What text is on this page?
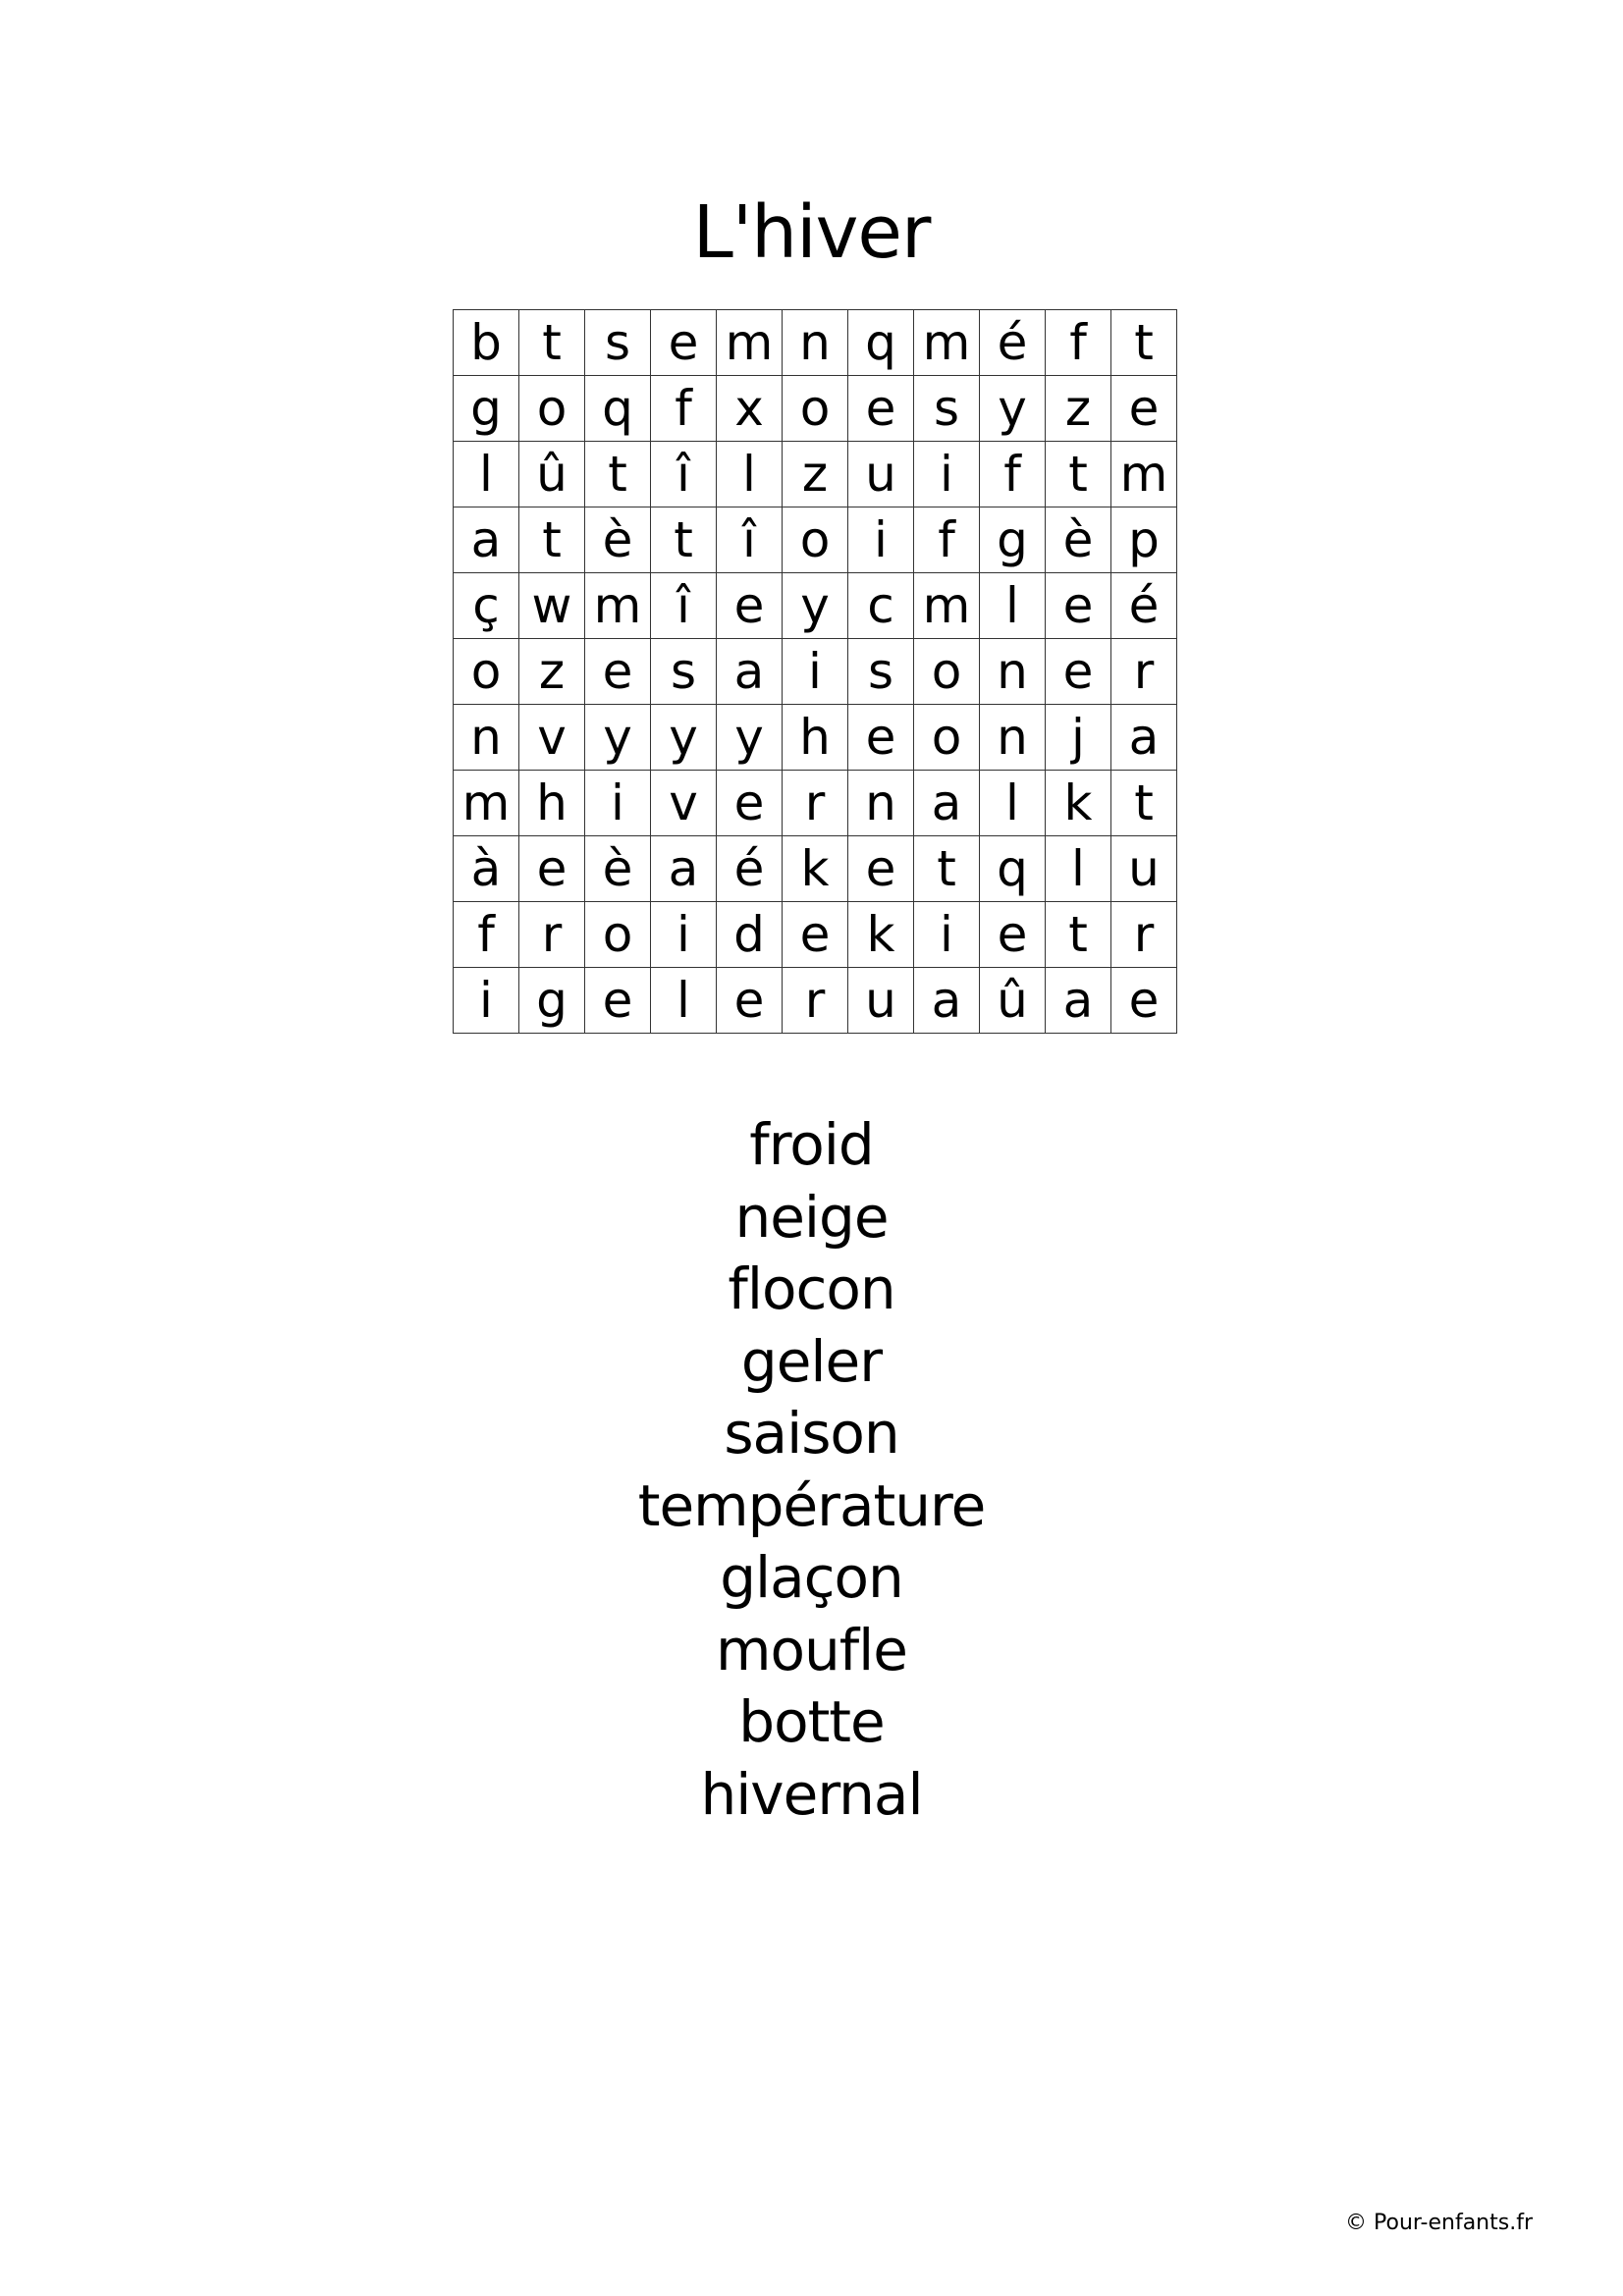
L'hiver
b	t	s	e	m	n	q	m	é	f	t
g	o	q	f	x	o	e	s	y	z	e
l	û	t	î	l	z	u	i	f	t	m
a	t	è	t	î	o	i	f	g	è	p
ç	w	m	î	e	y	c	m	l	e	é
o	z	e	s	a	i	s	o	n	e	r
n	v	y	y	y	h	e	o	n	j	a
m	h	i	v	e	r	n	a	l	k	t
à	e	è	a	é	k	e	t	q	l	u
f	r	o	i	d	e	k	i	e	t	r
i	g	e	l	e	r	u	a	û	a	e
froid
neige
flocon
geler
saison
température
glaçon
moufle
botte
hivernal
© Pour-enfants.fr
